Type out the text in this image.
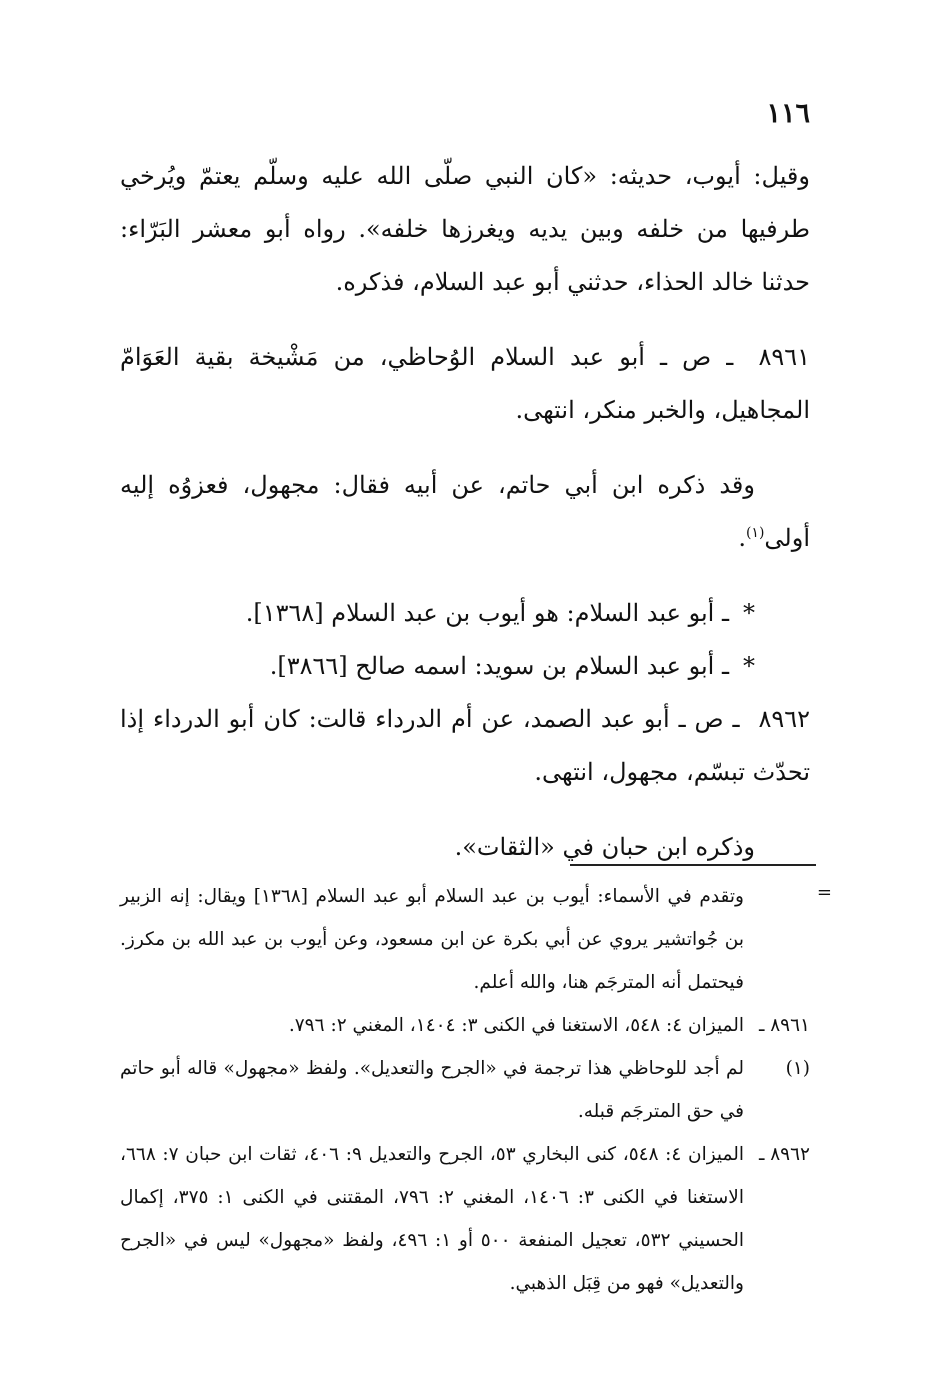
١١٦

وقيل: أيوب، حديثه: «كان النبي صلّى الله عليه وسلّم يعتمّ ويُرخي طرفيها من خلفه وبين يديه ويغرزها خلفه». رواه أبو معشر البَرّاء: حدثنا خالد الحذاء، حدثني أبو عبد السلام، فذكره.

٨٩٦١ ـ ص ـ أبو عبد السلام الوُحاظي، من مَشْيخة بقية العَوَامّ المجاهيل، والخبر منكر، انتهى.

وقد ذكره ابن أبي حاتم، عن أبيه فقال: مجهول، فعزوُه إليه أولى$^{(١)}$.

*ـ أبو عبد السلام: هو أيوب بن عبد السلام [١٣٦٨].

*ـ أبو عبد السلام بن سويد: اسمه صالح [٣٨٦٦].

٨٩٦٢ ـ ص ـ أبو عبد الصمد، عن أم الدرداء قالت: كان أبو الدرداء إذا تحدّث تبسّم، مجهول، انتهى.

وذكره ابن حبان في «الثقات».

=

وتقدم في الأسماء: أيوب بن عبد السلام أبو عبد السلام [١٣٦٨] ويقال: إنه الزبير بن جُواتشير يروي عن أبي بكرة عن ابن مسعود، وعن أيوب بن عبد الله بن مكرز. فيحتمل أنه المترجَم هنا، والله أعلم.

٨٩٦١ ـ
الميزان ٤: ٥٤٨، الاستغنا في الكنى ٣: ١٤٠٤، المغني ٢: ٧٩٦.
(١)
لم أجد للوحاظي هذا ترجمة في «الجرح والتعديل». ولفظ «مجهول» قاله أبو حاتم في حق المترجَم قبله.
٨٩٦٢ ـ
الميزان ٤: ٥٤٨، كنى البخاري ٥٣، الجرح والتعديل ٩: ٤٠٦، ثقات ابن حبان ٧: ٦٦٨، الاستغنا في الكنى ٣: ١٤٠٦، المغني ٢: ٧٩٦، المقتنى في الكنى ١: ٣٧٥، إكمال الحسيني ٥٣٢، تعجيل المنفعة ٥٠٠ أو ١: ٤٩٦، ولفظ «مجهول» ليس في «الجرح والتعديل» فهو من قِبَل الذهبي.
